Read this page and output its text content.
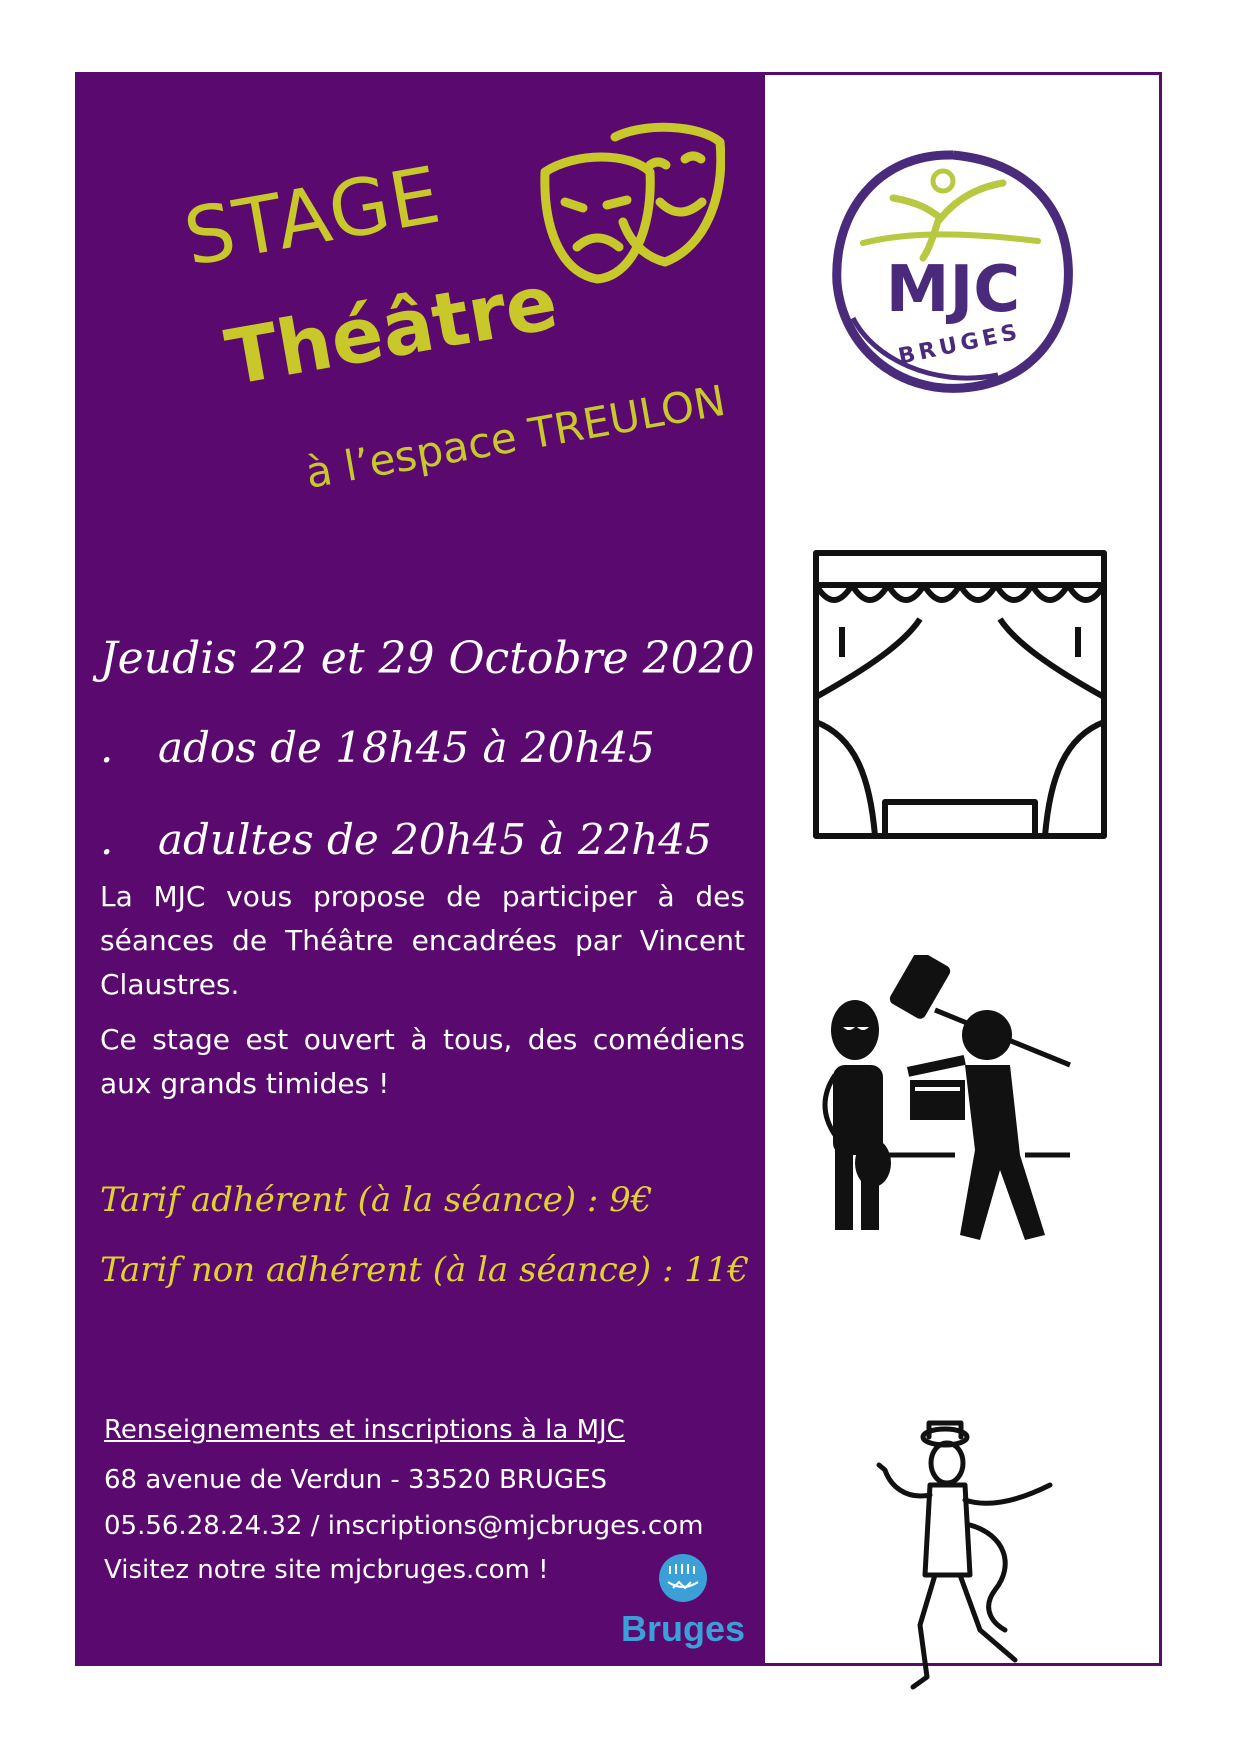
STAGE
Théâtre
à l’espace TREULON
Jeudis 22 et 29 Octobre 2020
. ados de 18h45 à 20h45
. adultes de 20h45 à 22h45
La MJC vous propose de participer à des séances de Théâtre encadrées par Vincent Claustres.
Ce stage est ouvert à tous, des comédiens aux grands timides !
Tarif adhérent (à la séance) : 9€
Tarif non adhérent (à la séance) : 11€
Renseignements et inscriptions à la MJC
68 avenue de Verdun - 33520 BRUGES
05.56.28.24.32 / inscriptions@mjcbruges.com
Visitez notre site mjcbruges.com !
Bruges
MJC
BRUGES
